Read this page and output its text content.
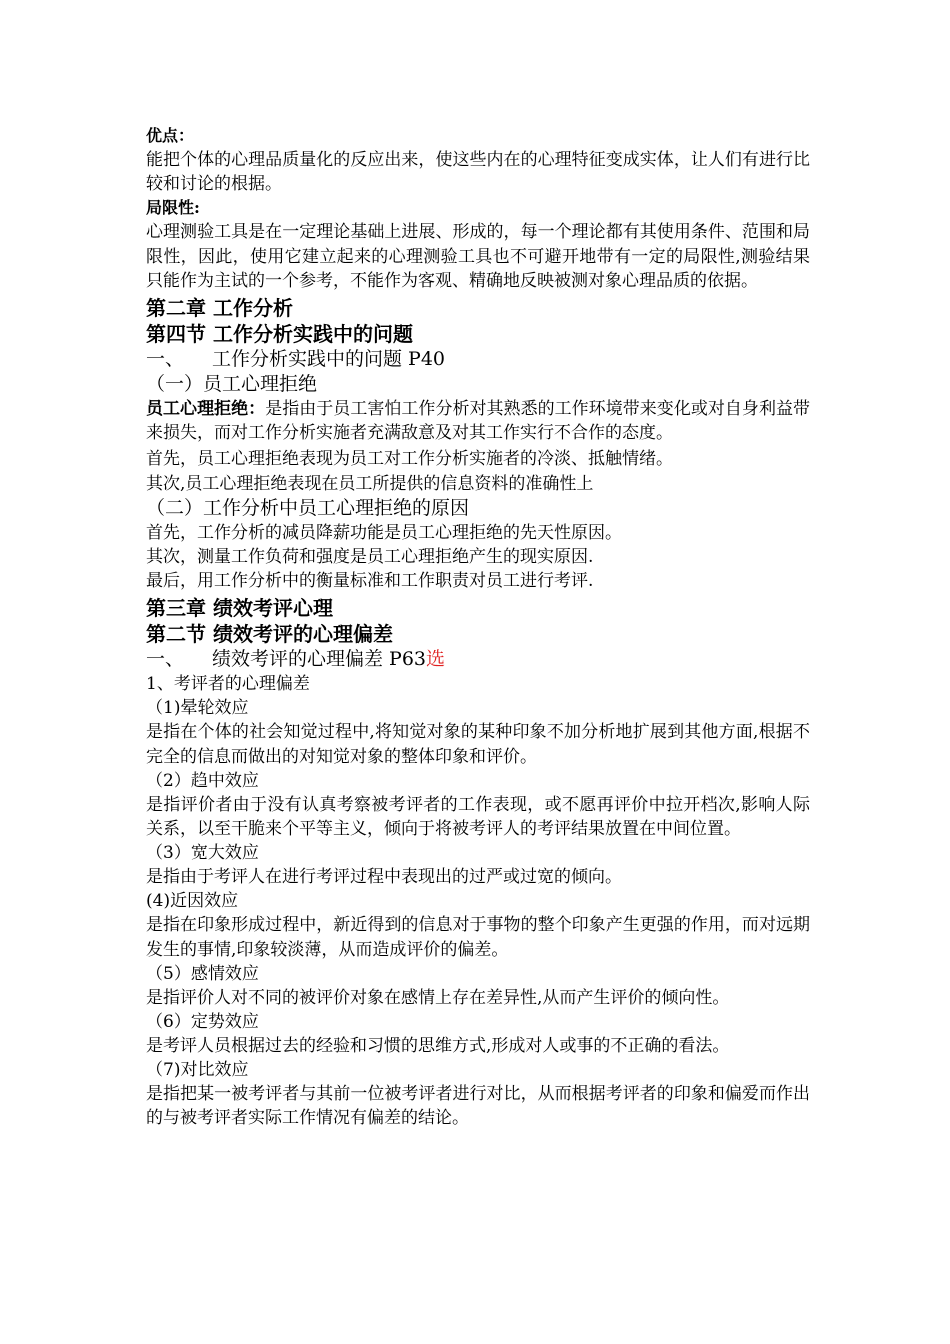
优点：

能把个体的心理品质量化的反应出来，使这些内在的心理特征变成实体，让人们有进行比较和讨论的根据。

局限性:

心理测验工具是在一定理论基础上进展、形成的，每一个理论都有其使用条件、范围和局限性，因此，使用它建立起来的心理测验工具也不可避开地带有一定的局限性,测验结果只能作为主试的一个参考，不能作为客观、精确地反映被测对象心理品质的依据。

第二章 工作分析

第四节 工作分析实践中的问题

一、 工作分析实践中的问题 P40

（一）员工心理拒绝

员工心理拒绝：是指由于员工害怕工作分析对其熟悉的工作环境带来变化或对自身利益带来损失，而对工作分析实施者充满敌意及对其工作实行不合作的态度。

首先，员工心理拒绝表现为员工对工作分析实施者的冷淡、抵触情绪。

其次,员工心理拒绝表现在员工所提供的信息资料的准确性上

（二）工作分析中员工心理拒绝的原因

首先，工作分析的减员降薪功能是员工心理拒绝的先天性原因。

其次，测量工作负荷和强度是员工心理拒绝产生的现实原因.

最后，用工作分析中的衡量标准和工作职责对员工进行考评.

第三章 绩效考评心理

第二节 绩效考评的心理偏差

一、 绩效考评的心理偏差 P63选

1、考评者的心理偏差

（1)晕轮效应

是指在个体的社会知觉过程中,将知觉对象的某种印象不加分析地扩展到其他方面,根据不完全的信息而做出的对知觉对象的整体印象和评价。

（2）趋中效应

是指评价者由于没有认真考察被考评者的工作表现，或不愿再评价中拉开档次,影响人际关系，以至干脆来个平等主义，倾向于将被考评人的考评结果放置在中间位置。

（3）宽大效应

是指由于考评人在进行考评过程中表现出的过严或过宽的倾向。

(4)近因效应

是指在印象形成过程中，新近得到的信息对于事物的整个印象产生更强的作用，而对远期发生的事情,印象较淡薄，从而造成评价的偏差。

（5）感情效应

是指评价人对不同的被评价对象在感情上存在差异性,从而产生评价的倾向性。

（6）定势效应

是考评人员根据过去的经验和习惯的思维方式,形成对人或事的不正确的看法。

（7)对比效应

是指把某一被考评者与其前一位被考评者进行对比，从而根据考评者的印象和偏爱而作出的与被考评者实际工作情况有偏差的结论。
